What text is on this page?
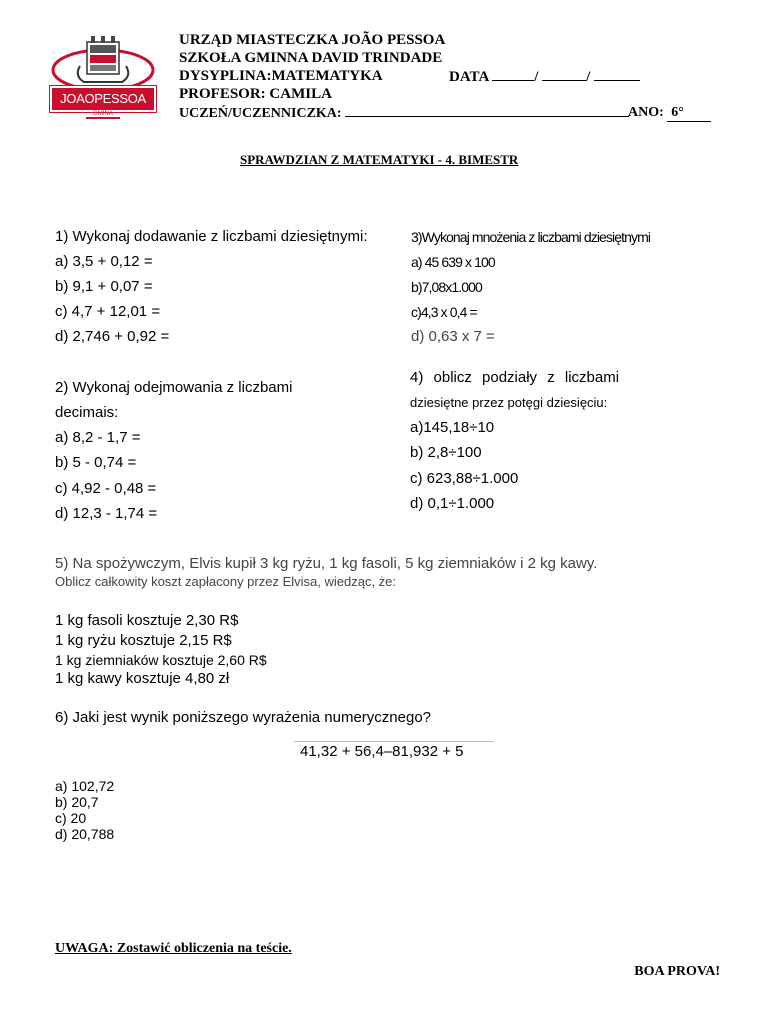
JOAOPESSOA
GMINA
URZĄD MIASTECZKA JOÃO PESSOA
SZKOŁA GMINNA DAVID TRINDADE
DYSYPLINA:MATEMATYKA	DATA	/	/
PROFESOR: CAMILA
UCZEŃ/UCZENNICZKA:	ANO: 6°
SPRAWDZIAN Z MATEMATYKI - 4. BIMESTR
1) Wykonaj dodawanie z liczbami dziesiętnymi:
a) 3,5 + 0,12 =
b) 9,1 + 0,07 =
c) 4,7 + 12,01 =
d) 2,746 + 0,92 =
3)Wykonaj mnożenia z liczbami dziesiętnymi
a) 45 639 x 100
b)7,08x1.000
c)4,3 x 0,4 =
d) 0,63 x 7 =
2) Wykonaj odejmowania z liczbami
decimais:
a) 8,2 - 1,7 =
b) 5 - 0,74 =
c) 4,92 - 0,48 =
d) 12,3 - 1,74 =
4) oblicz podziały z liczbami
dziesiętne przez potęgi dziesięciu:
a)145,18÷10
b) 2,8÷100
c) 623,88÷1.000
d) 0,1÷1.000
5) Na spożywczym, Elvis kupił 3 kg ryżu, 1 kg fasoli, 5 kg ziemniaków i 2 kg kawy.
Oblicz całkowity koszt zapłacony przez Elvisa, wiedząc, że:
1 kg fasoli kosztuje 2,30 R$
1 kg ryżu kosztuje 2,15 R$
1 kg ziemniaków kosztuje 2,60 R$
1 kg kawy kosztuje 4,80 zł
6) Jaki jest wynik poniższego wyrażenia numerycznego?
41,32 + 56,4–81,932 + 5
a) 102,72
b) 20,7
c) 20
d) 20,788
UWAGA: Zostawić obliczenia na teście.
BOA PROVA!
